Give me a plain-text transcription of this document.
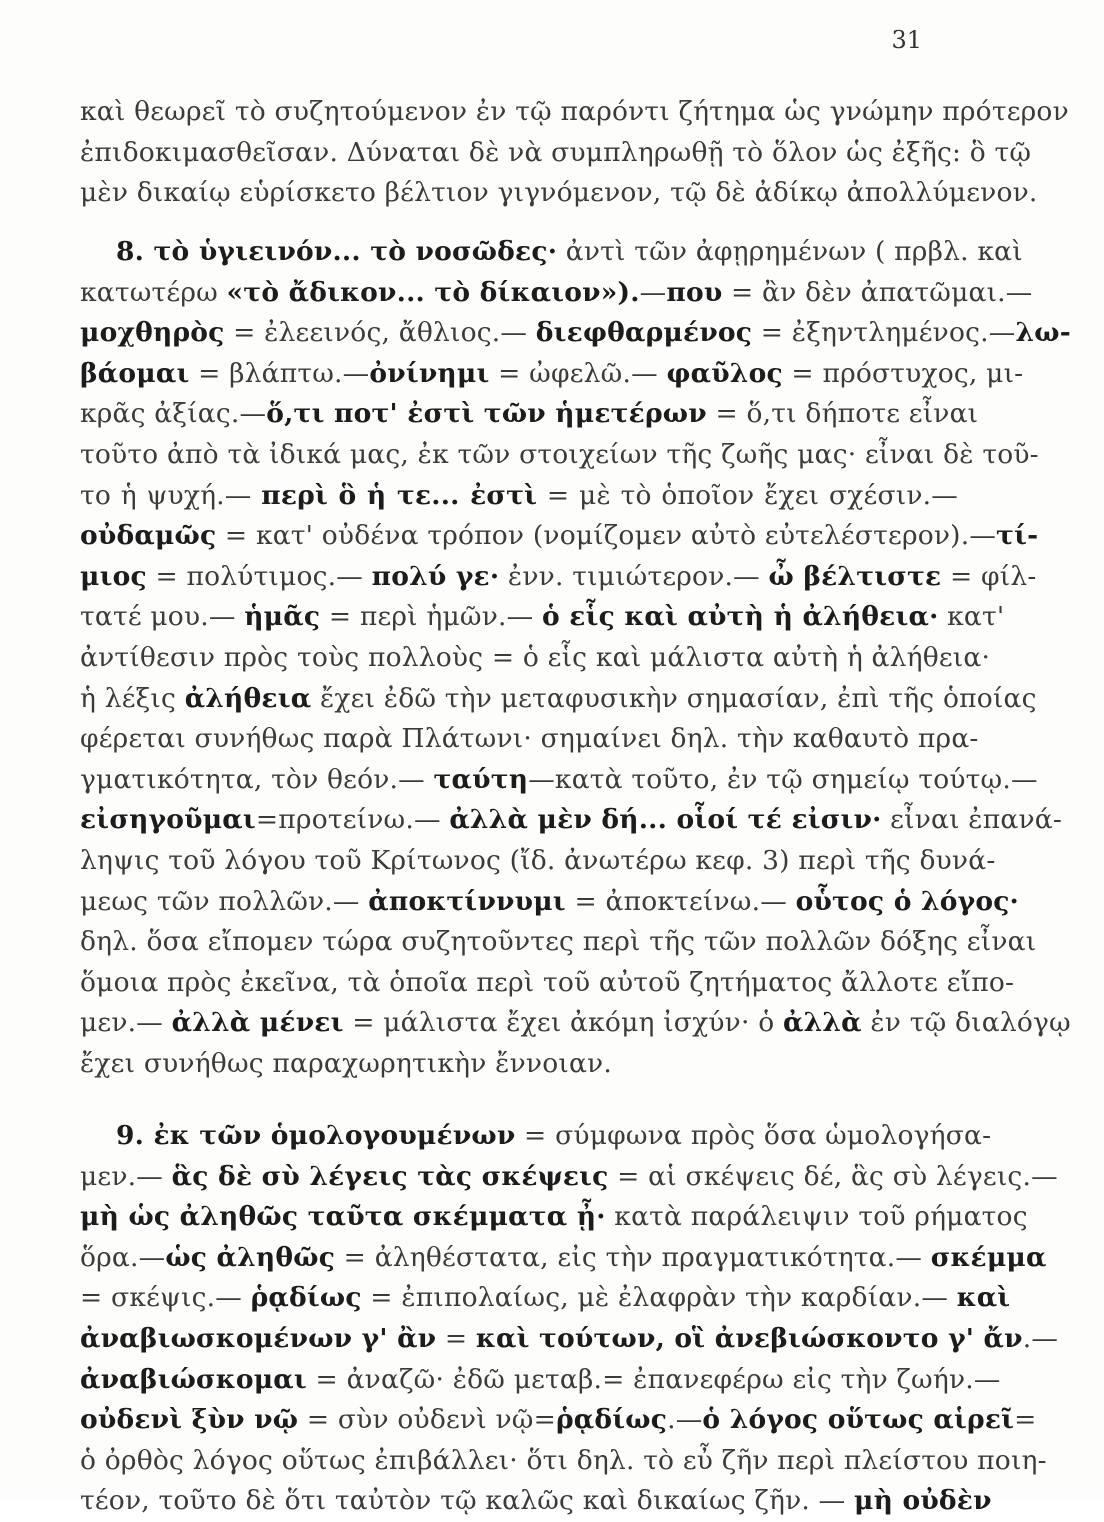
31
καὶ θεωρεῖ τὸ συζητούμενον ἐν τῷ παρόντι ζήτημα ὡς γνώμην πρότερον
ἐπιδοκιμασθεῖσαν. Δύναται δὲ νὰ συμπληρωθῇ τὸ ὅλον ὡς ἐξῆς: ὃ τῷ
μὲν δικαίῳ εὑρίσκετο βέλτιον γιγνόμενον, τῷ δὲ ἀδίκῳ ἀπολλύμενον.
8. τὸ ὑγιεινόν... τὸ νοσῶδες· ἀντὶ τῶν ἀφῃρημένων ( πρβλ. καὶ
κατωτέρω «τὸ ἄδικον... τὸ δίκαιον»).—που = ἂν δὲν ἀπατῶμαι.—
μοχθηρὸς = ἐλεεινός, ἄθλιος.— διεφθαρμένος = ἐξηντλημένος.—λω-
βάομαι = βλάπτω.—ὀνίνημι = ὠφελῶ.— φαῦλος = πρόστυχος, μι-
κρᾶς ἀξίας.—ὅ,τι ποτ' ἐστὶ τῶν ἡμετέρων = ὅ,τι δήποτε εἶναι
τοῦτο ἀπὸ τὰ ἰδικά μας, ἐκ τῶν στοιχείων τῆς ζωῆς μας· εἶναι δὲ τοῦ-
το ἡ ψυχή.— περὶ ὃ ἡ τε... ἐστὶ = μὲ τὸ ὁποῖον ἔχει σχέσιν.—
οὐδαμῶς = κατ' οὐδένα τρόπον (νομίζομεν αὐτὸ εὐτελέστερον).—τί-
μιος = πολύτιμος.— πολύ γε· ἐνν. τιμιώτερον.— ὦ βέλτιστε = φίλ-
τατέ μου.— ἡμᾶς = περὶ ἡμῶν.— ὁ εἷς καὶ αὐτὴ ἡ ἀλήθεια· κατ'
ἀντίθεσιν πρὸς τοὺς πολλοὺς = ὁ εἷς καὶ μάλιστα αὐτὴ ἡ ἀλήθεια·
ἡ λέξις ἀλήθεια ἔχει ἐδῶ τὴν μεταφυσικὴν σημασίαν, ἐπὶ τῆς ὁποίας
φέρεται συνήθως παρὰ Πλάτωνι· σημαίνει δηλ. τὴν καθαυτὸ πρα-
γματικότητα, τὸν θεόν.— ταύτη—κατὰ τοῦτο, ἐν τῷ σημείῳ τούτῳ.—
εἰσηγοῦμαι=προτείνω.— ἀλλὰ μὲν δή... οἷοί τέ εἰσιν· εἶναι ἐπανά-
ληψις τοῦ λόγου τοῦ Κρίτωνος (ἴδ. ἀνωτέρω κεφ. 3) περὶ τῆς δυνά-
μεως τῶν πολλῶν.— ἀποκτίννυμι = ἀποκτείνω.— οὗτος ὁ λόγος·
δηλ. ὅσα εἴπομεν τώρα συζητοῦντες περὶ τῆς τῶν πολλῶν δόξης εἶναι
ὅμοια πρὸς ἐκεῖνα, τὰ ὁποῖα περὶ τοῦ αὐτοῦ ζητήματος ἄλλοτε εἴπο-
μεν.— ἀλλὰ μένει = μάλιστα ἔχει ἀκόμη ἰσχύν· ὁ ἀλλὰ ἐν τῷ διαλόγῳ
ἔχει συνήθως παραχωρητικὴν ἔννοιαν.
9. ἐκ τῶν ὁμολογουμένων = σύμφωνα πρὸς ὅσα ὡμολογήσα-
μεν.— ἃς δὲ σὺ λέγεις τὰς σκέψεις = αἱ σκέψεις δέ, ἃς σὺ λέγεις.—
μὴ ὡς ἀληθῶς ταῦτα σκέμματα ᾖ· κατὰ παράλειψιν τοῦ ρήματος
ὅρα.—ὡς ἀληθῶς = ἀληθέστατα, εἰς τὴν πραγματικότητα.— σκέμμα
= σκέψις.— ῥᾳδίως = ἐπιπολαίως, μὲ ἐλαφρὰν τὴν καρδίαν.— καὶ
ἀναβιωσκομένων γ' ἂν = καὶ τούτων, οἳ ἀνεβιώσκοντο γ' ἄν.—
ἀναβιώσκομαι = ἀναζῶ· ἐδῶ μεταβ.= ἐπανεφέρω εἰς τὴν ζωήν.—
οὐδενὶ ξὺν νῷ = σὺν οὐδενὶ νῷ=ῥᾳδίως.—ὁ λόγος οὕτως αἱρεῖ=
ὁ ὀρθὸς λόγος οὕτως ἐπιβάλλει· ὅτι δηλ. τὸ εὖ ζῆν περὶ πλείστου ποιη-
τέον, τοῦτο δὲ ὅτι ταὐτὸν τῷ καλῶς καὶ δικαίως ζῆν. — μὴ οὐδὲν
